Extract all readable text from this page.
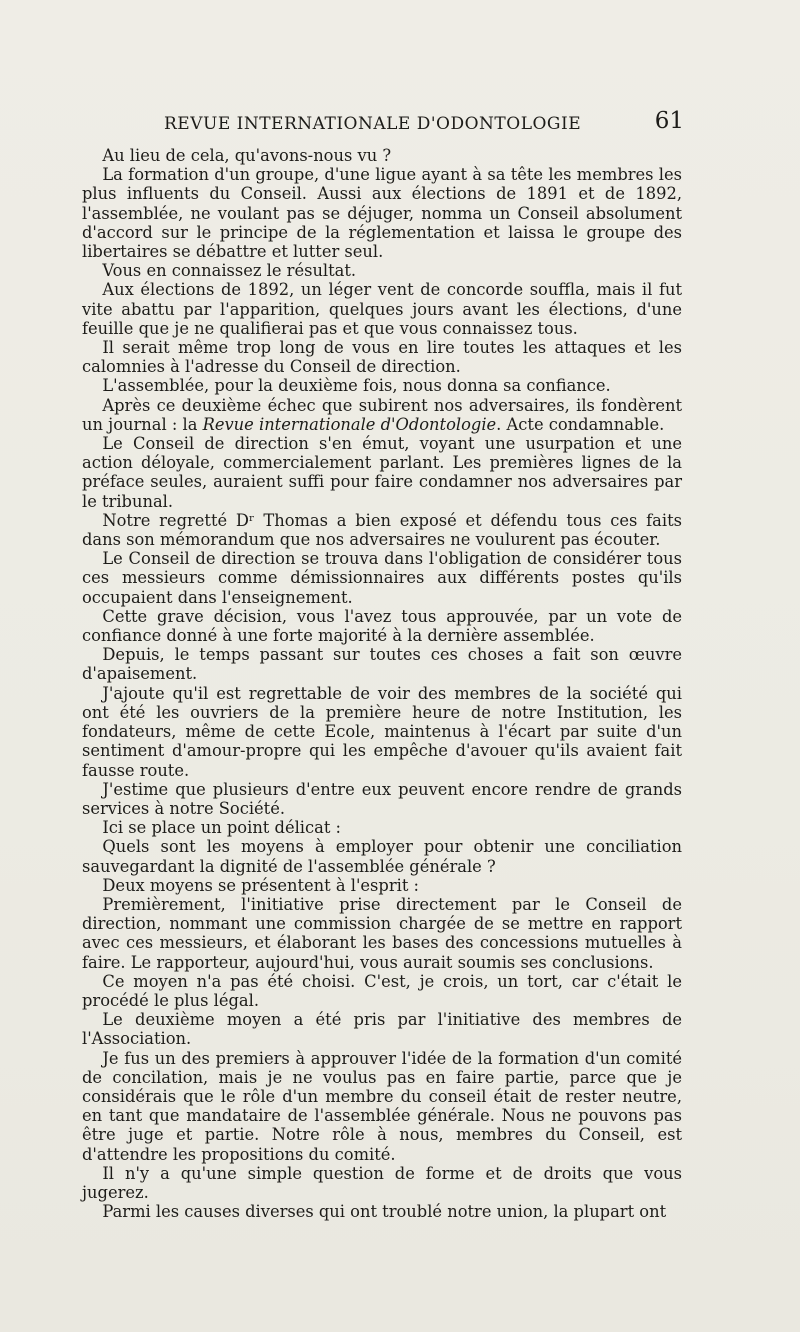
REVUE INTERNATIONALE D'ODONTOLOGIE	61

Au lieu de cela, qu'avons-nous vu ?

La formation d'un groupe, d'une ligue ayant à sa tête les membres les plus influents du Conseil. Aussi aux élections de 1891 et de 1892, l'assemblée, ne voulant pas se déjuger, nomma un Conseil absolument d'accord sur le principe de la réglementation et laissa le groupe des libertaires se débattre et lutter seul.

Vous en connaissez le résultat.

Aux élections de 1892, un léger vent de concorde souffla, mais il fut vite abattu par l'apparition, quelques jours avant les élections, d'une feuille que je ne qualifierai pas et que vous connaissez tous.

Il serait même trop long de vous en lire toutes les attaques et les calomnies à l'adresse du Conseil de direction.

L'assemblée, pour la deuxième fois, nous donna sa confiance.

Après ce deuxième échec que subirent nos adversaires, ils fondèrent un journal : la Revue internationale d'Odontologie. Acte condamnable.

Le Conseil de direction s'en émut, voyant une usurpation et une action déloyale, commercialement parlant. Les premières lignes de la préface seules, auraient suffi pour faire condamner nos adversaires par le tribunal.

Notre regretté Dʳ Thomas a bien exposé et défendu tous ces faits dans son mémorandum que nos adversaires ne voulurent pas écouter.

Le Conseil de direction se trouva dans l'obligation de considérer tous ces messieurs comme démissionnaires aux différents postes qu'ils occupaient dans l'enseignement.

Cette grave décision, vous l'avez tous approuvée, par un vote de confiance donné à une forte majorité à la dernière assemblée.

Depuis, le temps passant sur toutes ces choses a fait son œuvre d'apaisement.

J'ajoute qu'il est regrettable de voir des membres de la société qui ont été les ouvriers de la première heure de notre Institution, les fondateurs, même de cette Ecole, maintenus à l'écart par suite d'un sentiment d'amour-propre qui les empêche d'avouer qu'ils avaient fait fausse route.

J'estime que plusieurs d'entre eux peuvent encore rendre de grands services à notre Société.

Ici se place un point délicat :

Quels sont les moyens à employer pour obtenir une conciliation sauvegardant la dignité de l'assemblée générale ?

Deux moyens se présentent à l'esprit :

Premièrement, l'initiative prise directement par le Conseil de direction, nommant une commission chargée de se mettre en rapport avec ces messieurs, et élaborant les bases des concessions mutuelles à faire. Le rapporteur, aujourd'hui, vous aurait soumis ses conclusions.

Ce moyen n'a pas été choisi. C'est, je crois, un tort, car c'était le procédé le plus légal.

Le deuxième moyen a été pris par l'initiative des membres de l'Association.

Je fus un des premiers à approuver l'idée de la formation d'un comité de concilation, mais je ne voulus pas en faire partie, parce que je considérais que le rôle d'un membre du conseil était de rester neutre, en tant que mandataire de l'assemblée générale. Nous ne pouvons pas être juge et partie. Notre rôle à nous, membres du Conseil, est d'attendre les propositions du comité.

Il n'y a qu'une simple question de forme et de droits que vous jugerez.

Parmi les causes diverses qui ont troublé notre union, la plupart ont
